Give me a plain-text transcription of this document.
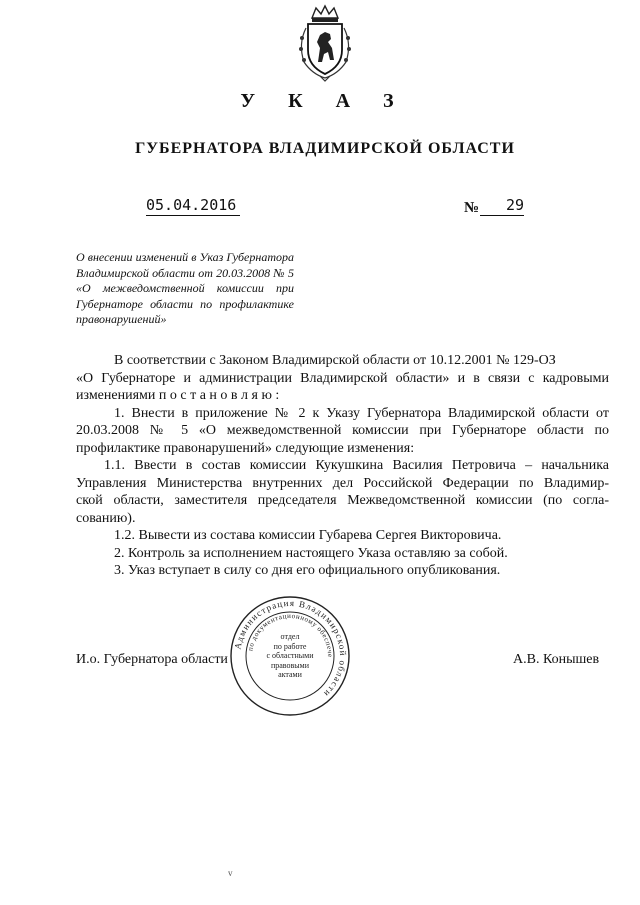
У К А З
ГУБЕРНАТОРА ВЛАДИМИРСКОЙ ОБЛАСТИ
05.04.2016	№	29
О внесении изменений в Указ Губернатора
Владимирской области от 20.03.2008 № 5
«О межведомственной комиссии при
Губернаторе области по профилактике
правонарушений»
В соответствии с Законом Владимирской области от 10.12.2001 № 129-ОЗ
«О Губернаторе и администрации Владимирской области» и в связи с кадровыми
изменениями п о с т а н о в л я ю :
1. Внести в приложение № 2 к Указу Губернатора Владимирской области от
20.03.2008 № 5 «О межведомственной комиссии при Губернаторе области по
профилактике правонарушений» следующие изменения:
1.1. Ввести в состав комиссии Кукушкина Василия Петровича – начальника
Управления Министерства внутренних дел Российской Федерации по Владимир-
ской области, заместителя председателя Межведомственной комиссии (по согла-
сованию).
1.2. Вывести из состава комиссии Губарева Сергея Викторовича.
2. Контроль за исполнением настоящего Указа оставляю за собой.
3. Указ вступает в силу со дня его официального опубликования.
И.о. Губернатора области	А.В. Конышев
Администрация Владимирской области
по документационному обеспече
отдел
по работе
с областными
правовыми
актами
v
